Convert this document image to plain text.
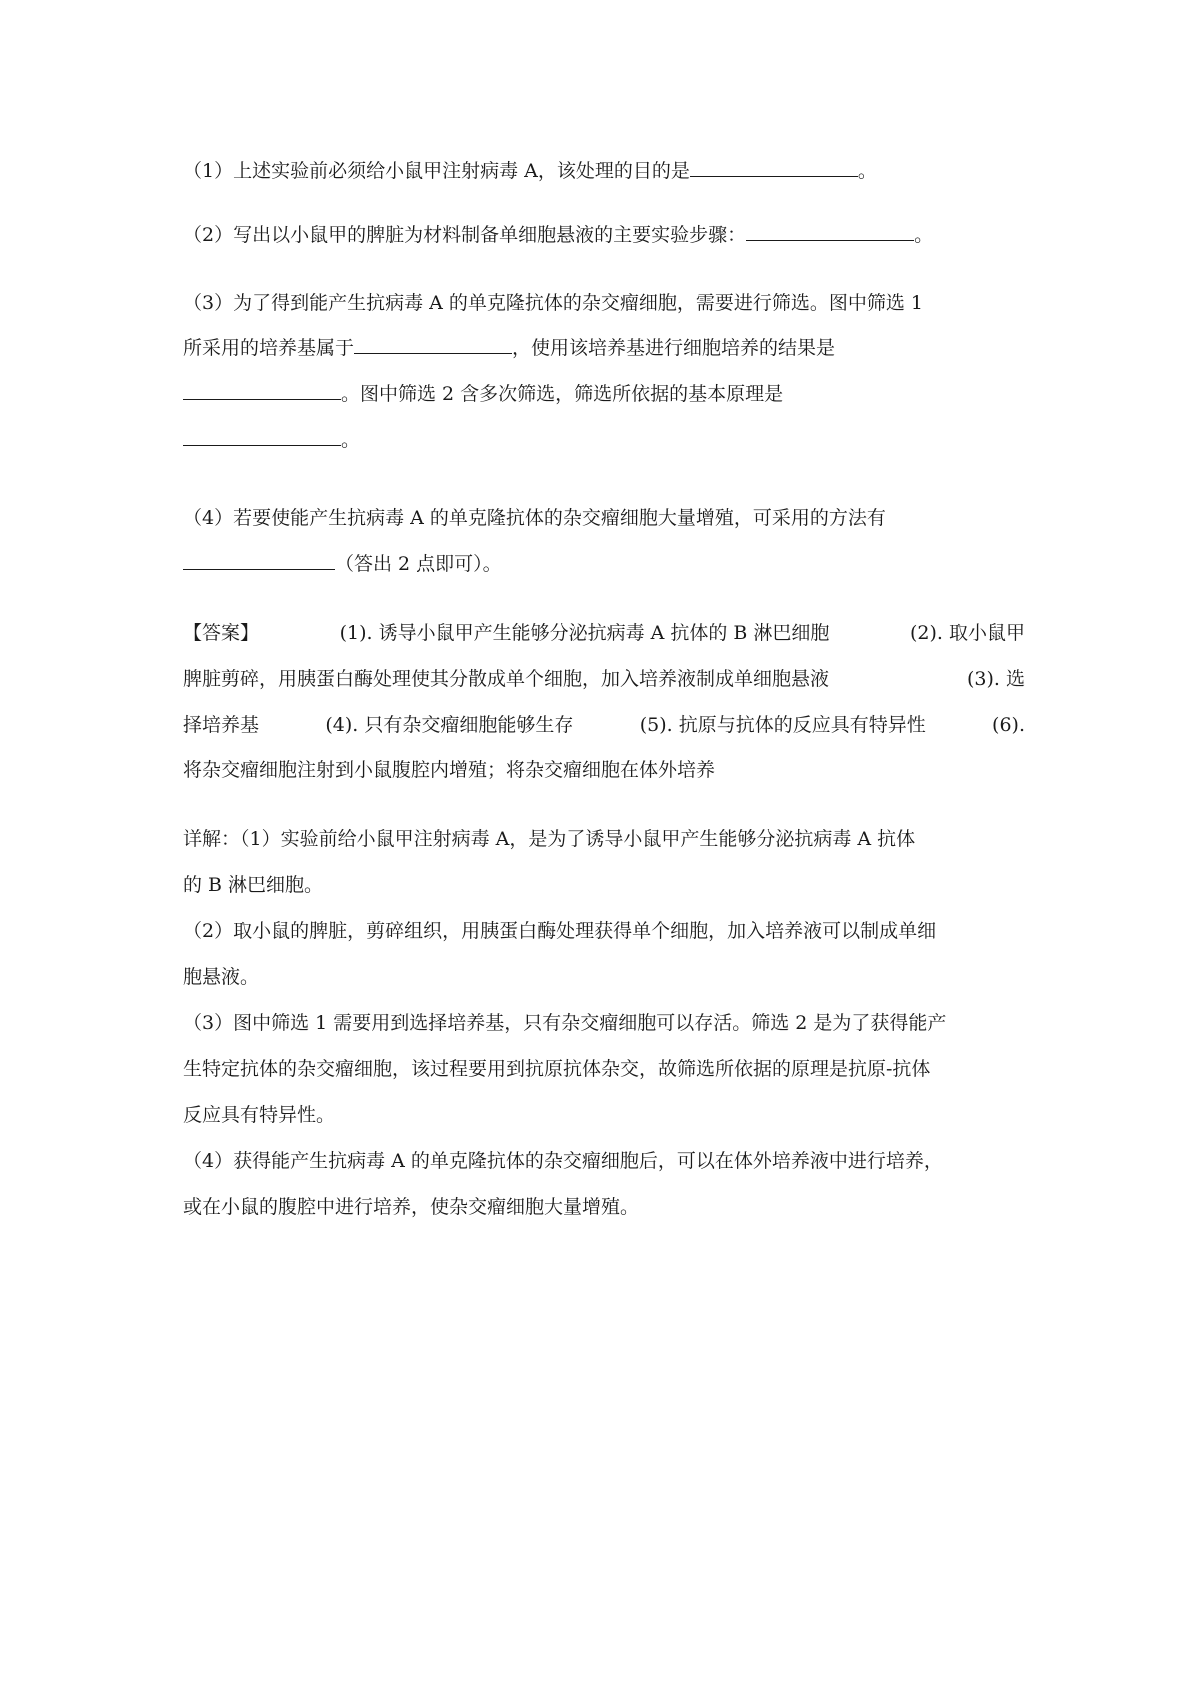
（1）上述实验前必须给小鼠甲注射病毒 A，该处理的目的是	。
（2）写出以小鼠甲的脾脏为材料制备单细胞悬液的主要实验步骤：	。
（3）为了得到能产生抗病毒 A 的单克隆抗体的杂交瘤细胞，需要进行筛选。图中筛选 1
所采用的培养基属于	，使用该培养基进行细胞培养的结果是
。图中筛选 2 含多次筛选，筛选所依据的基本原理是
。
（4）若要使能产生抗病毒 A 的单克隆抗体的杂交瘤细胞大量增殖，可采用的方法有
（答出 2 点即可）。
【答案】	(1). 诱导小鼠甲产生能够分泌抗病毒 A 抗体的 B 淋巴细胞	(2). 取小鼠甲
脾脏剪碎，用胰蛋白酶处理使其分散成单个细胞，加入培养液制成单细胞悬液	(3). 选
择培养基	(4). 只有杂交瘤细胞能够生存	(5). 抗原与抗体的反应具有特异性	(6).
将杂交瘤细胞注射到小鼠腹腔内增殖；将杂交瘤细胞在体外培养
详解：（1）实验前给小鼠甲注射病毒 A，是为了诱导小鼠甲产生能够分泌抗病毒 A 抗体
的 B 淋巴细胞。
（2）取小鼠的脾脏，剪碎组织，用胰蛋白酶处理获得单个细胞，加入培养液可以制成单细
胞悬液。
（3）图中筛选 1 需要用到选择培养基，只有杂交瘤细胞可以存活。筛选 2 是为了获得能产
生特定抗体的杂交瘤细胞，该过程要用到抗原抗体杂交，故筛选所依据的原理是抗原-抗体
反应具有特异性。
（4）获得能产生抗病毒 A 的单克隆抗体的杂交瘤细胞后，可以在体外培养液中进行培养，
或在小鼠的腹腔中进行培养，使杂交瘤细胞大量增殖。
